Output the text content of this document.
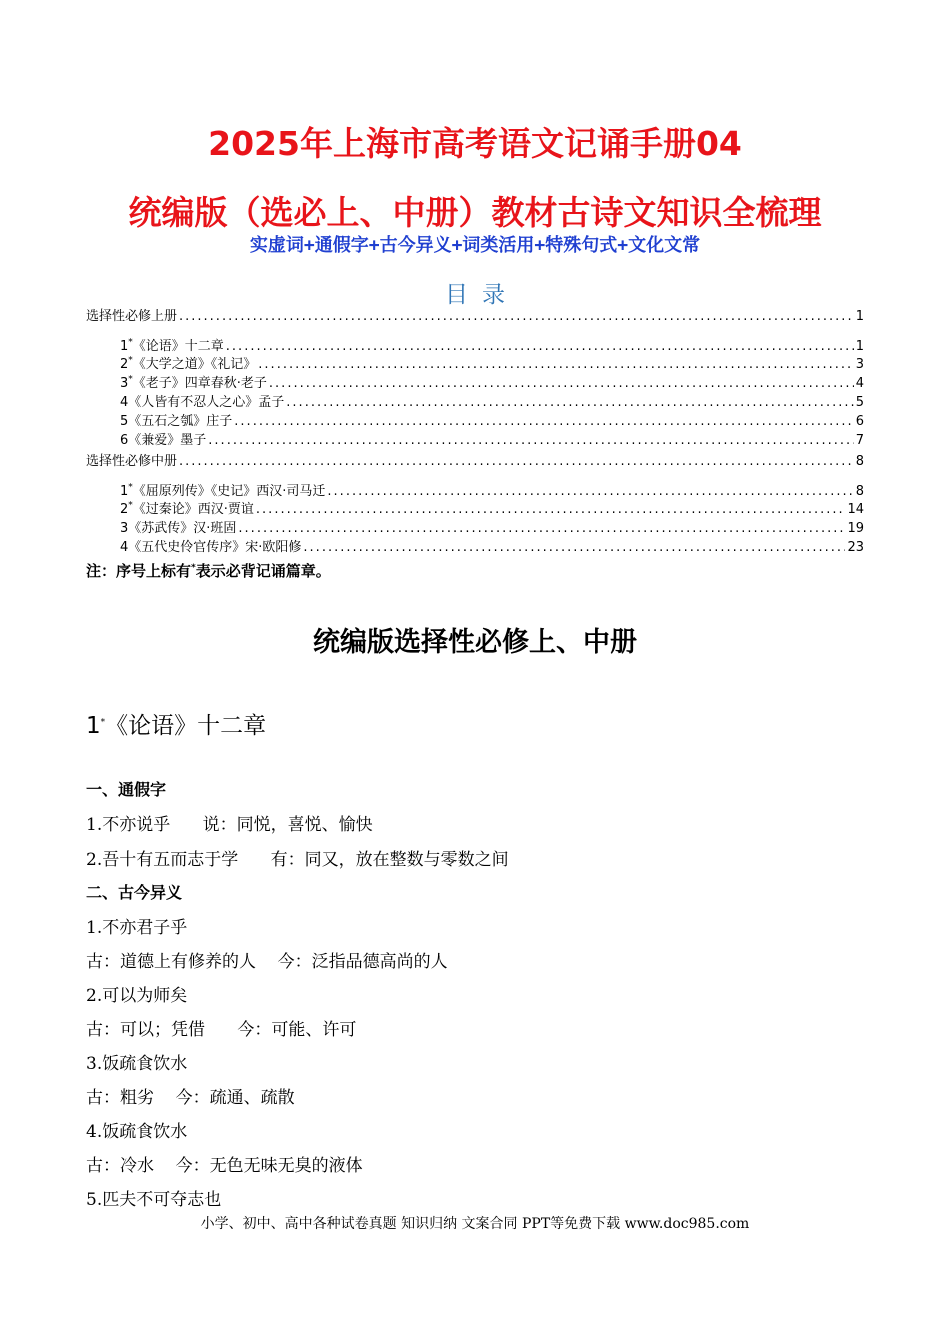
2025年上海市高考语文记诵手册04
统编版（选必上、中册）教材古诗文知识全梳理
实虚词+通假字+古今异义+词类活用+特殊句式+文化文常
目录
选择性必修上册 .....	1
1*《论语》十二章 .....	1
2*《大学之道》《礼记》 .....	3
3*《老子》四章春秋·老子 .....	4
4《人皆有不忍人之心》孟子 .....	5
5《五石之瓠》庄子 .....	6
6《兼爱》墨子 .....	7
选择性必修中册 .....	8
1*《屈原列传》《史记》西汉·司马迁 .....	8
2*《过秦论》西汉·贾谊 .....	14
3《苏武传》汉·班固 .....	19
4《五代史伶官传序》宋·欧阳修 .....	23
注：序号上标有*表示必背记诵篇章。
统编版选择性必修上、中册
1*《论语》十二章
一、通假字
1.不亦说乎      说：同悦，喜悦、愉快
2.吾十有五而志于学      有：同又，放在整数与零数之间
二、古今异义
1.不亦君子乎
古：道德上有修养的人    今：泛指品德高尚的人
2.可以为师矣
古：可以；凭借      今：可能、许可
3.饭疏食饮水
古：粗劣    今：疏通、疏散
4.饭疏食饮水
古：冷水    今：无色无味无臭的液体
5.匹夫不可夺志也
小学、初中、高中各种试卷真题 知识归纳 文案合同 PPT等免费下载 www.doc985.com
